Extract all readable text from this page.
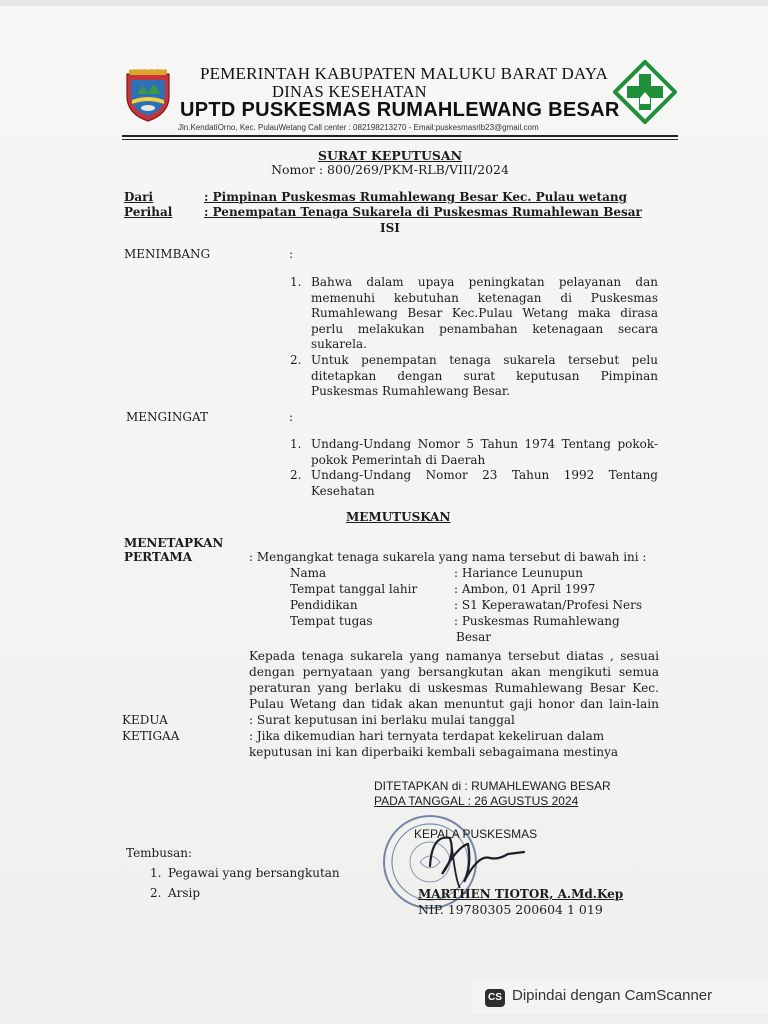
MALUKU BARAT DAYA PEMERINTAH KABUPATEN MALUKU BARAT DAYA
DINAS KESEHATAN
UPTD PUSKESMAS RUMAHLEWANG BESAR
Jln.KendatiOrno, Kec. PulauWetang Call center : 082198213270 - Email:puskesmasrlb23@gmail.com
SURAT KEPUTUSAN
Nomor : 800/269/PKM-RLB/VIII/2024
Dari	: Pimpinan Puskesmas Rumahlewang Besar Kec. Pulau wetang
Perihal	: Penempatan Tenaga Sukarela di Puskesmas Rumahlewan Besar
ISI
MENIMBANG	:
1. Bahwa dalam upaya peningkatan pelayanan dan
memenuhi kebutuhan ketenagan di Puskesmas
Rumahlewang Besar Kec.Pulau Wetang maka dirasa
perlu melakukan penambahan ketenagaan secara
sukarela.
2. Untuk penempatan tenaga sukarela tersebut pelu
ditetapkan dengan surat keputusan Pimpinan
Puskesmas Rumahlewang Besar.
MENGINGAT	:
1. Undang-Undang Nomor 5 Tahun 1974 Tentang pokok-
pokok Pemerintah di Daerah
2. Undang-Undang Nomor 23 Tahun 1992 Tentang
Kesehatan
MEMUTUSKAN
MENETAPKAN
PERTAMA	: Mengangkat tenaga sukarela yang nama tersebut di bawah ini :
Nama	: Hariance Leunupun
Tempat tanggal lahir	: Ambon, 01 April 1997
Pendidikan	: S1 Keperawatan/Profesi Ners
Tempat tugas	: Puskesmas Rumahlewang
Besar
Kepada tenaga sukarela yang namanya tersebut diatas , sesuai
dengan pernyataan yang bersangkutan akan mengikuti semua
peraturan yang berlaku di uskesmas Rumahlewang Besar Kec.
Pulau Wetang dan tidak akan menuntut gaji honor dan lain-lain
KEDUA	: Surat keputusan ini berlaku mulai tanggal
KETIGAA	: Jika dikemudian hari ternyata terdapat kekeliruan dalam
keputusan ini kan diperbaiki kembali sebagaimana mestinya
DITETAPKAN di : RUMAHLEWANG BESAR
PADA TANGGAL : 26 AGUSTUS 2024
KEPALA PUSKESMAS
MARTHEN TIOTOR, A.Md.Kep
NIP. 19780305 200604 1 019
Tembusan:
1. Pegawai yang bersangkutan
2. Arsip
CS Dipindai dengan CamScanner
